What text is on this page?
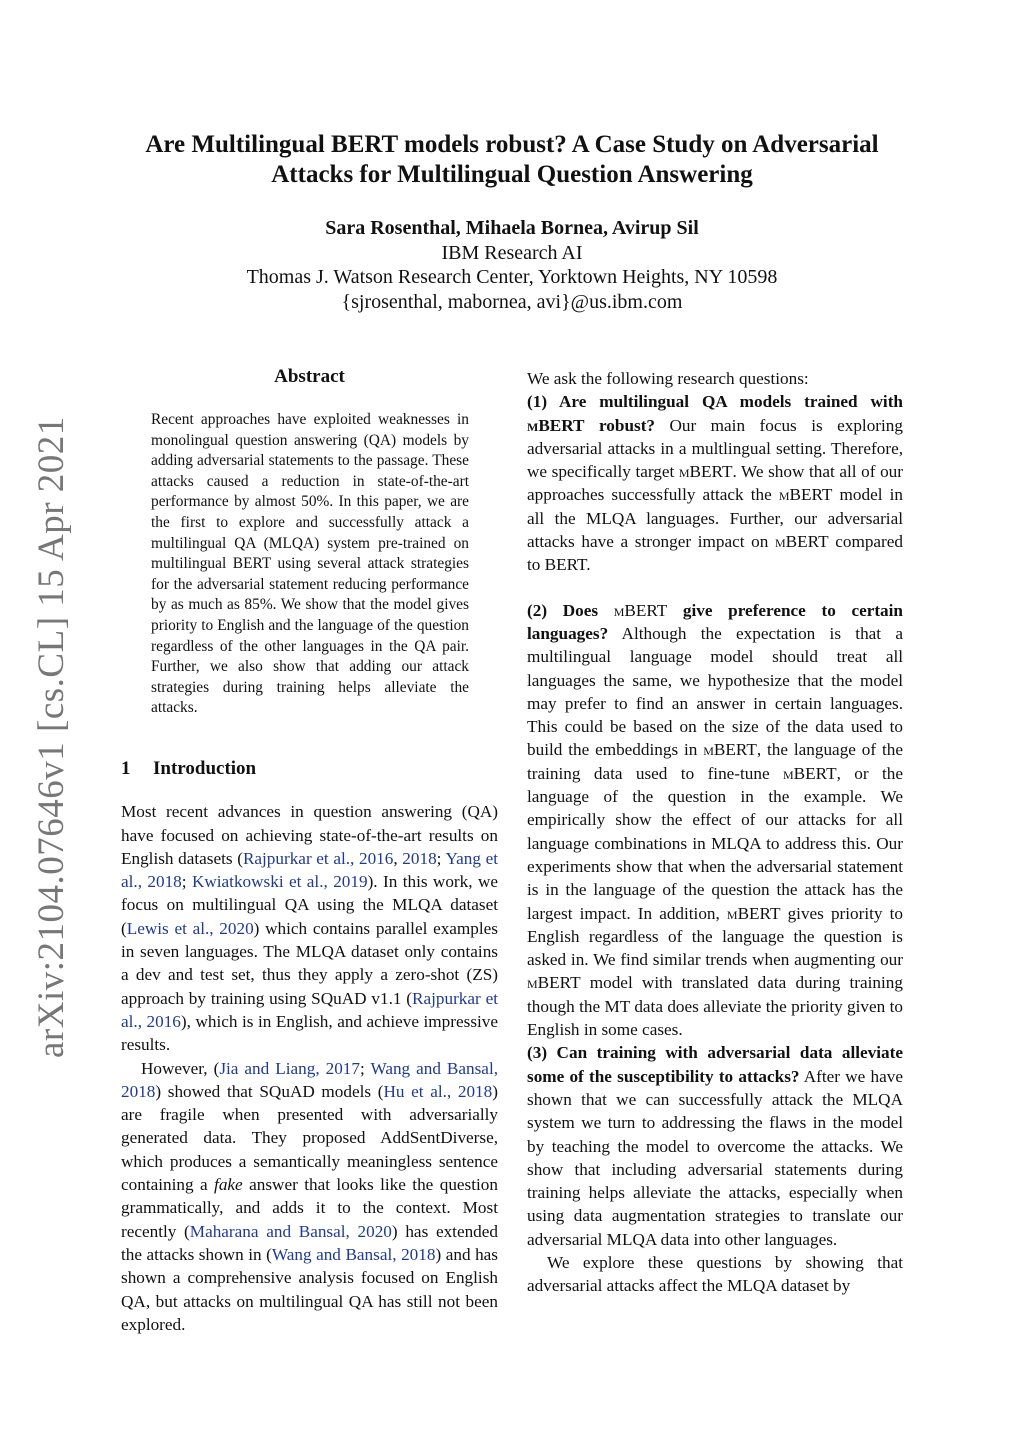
arXiv:2104.07646v1 [cs.CL] 15 Apr 2021
Are Multilingual BERT models robust? A Case Study on Adversarial
Attacks for Multilingual Question Answering
Sara Rosenthal, Mihaela Bornea, Avirup Sil
IBM Research AI
Thomas J. Watson Research Center, Yorktown Heights, NY 10598
{sjrosenthal, mabornea, avi}@us.ibm.com
Abstract
Recent approaches have exploited weaknesses in monolingual question answering (QA) models by adding adversarial statements to the passage. These attacks caused a reduction in state-of-the-art performance by almost 50%. In this paper, we are the first to explore and successfully attack a multilingual QA (MLQA) system pre-trained on multilingual BERT using several attack strategies for the adversarial statement reducing performance by as much as 85%. We show that the model gives priority to English and the language of the question regardless of the other languages in the QA pair. Further, we also show that adding our attack strategies during training helps alleviate the attacks.
1 Introduction

Most recent advances in question answering (QA) have focused on achieving state-of-the-art results on English datasets (Rajpurkar et al., 2016, 2018; Yang et al., 2018; Kwiatkowski et al., 2019). In this work, we focus on multilingual QA using the MLQA dataset (Lewis et al., 2020) which contains parallel examples in seven languages. The MLQA dataset only contains a dev and test set, thus they apply a zero-shot (ZS) approach by training using SQuAD v1.1 (Rajpurkar et al., 2016), which is in English, and achieve impressive results.

However, (Jia and Liang, 2017; Wang and Bansal, 2018) showed that SQuAD models (Hu et al., 2018) are fragile when presented with adversarially generated data. They proposed AddSentDiverse, which produces a semantically meaningless sentence containing a fake answer that looks like the question grammatically, and adds it to the context. Most recently (Maharana and Bansal, 2020) has extended the attacks shown in (Wang and Bansal, 2018) and has shown a comprehensive analysis focused on English QA, but attacks on multilingual QA has still not been explored.

We ask the following research questions:

(1) Are multilingual QA models trained with mBERT robust? Our main focus is exploring adversarial attacks in a multlingual setting. Therefore, we specifically target mBERT. We show that all of our approaches successfully attack the mBERT model in all the MLQA languages. Further, our adversarial attacks have a stronger impact on mBERT compared to BERT.

(2) Does mBERT give preference to certain languages? Although the expectation is that a multilingual language model should treat all languages the same, we hypothesize that the model may prefer to find an answer in certain languages. This could be based on the size of the data used to build the embeddings in mBERT, the language of the training data used to fine-tune mBERT, or the language of the question in the example. We empirically show the effect of our attacks for all language combinations in MLQA to address this. Our experiments show that when the adversarial statement is in the language of the question the attack has the largest impact. In addition, mBERT gives priority to English regardless of the language the question is asked in. We find similar trends when augmenting our mBERT model with translated data during training though the MT data does alleviate the priority given to English in some cases.

(3) Can training with adversarial data alleviate some of the susceptibility to attacks? After we have shown that we can successfully attack the MLQA system we turn to addressing the flaws in the model by teaching the model to overcome the attacks. We show that including adversarial statements during training helps alleviate the attacks, especially when using data augmentation strategies to translate our adversarial MLQA data into other languages.

We explore these questions by showing that adversarial attacks affect the MLQA dataset by
